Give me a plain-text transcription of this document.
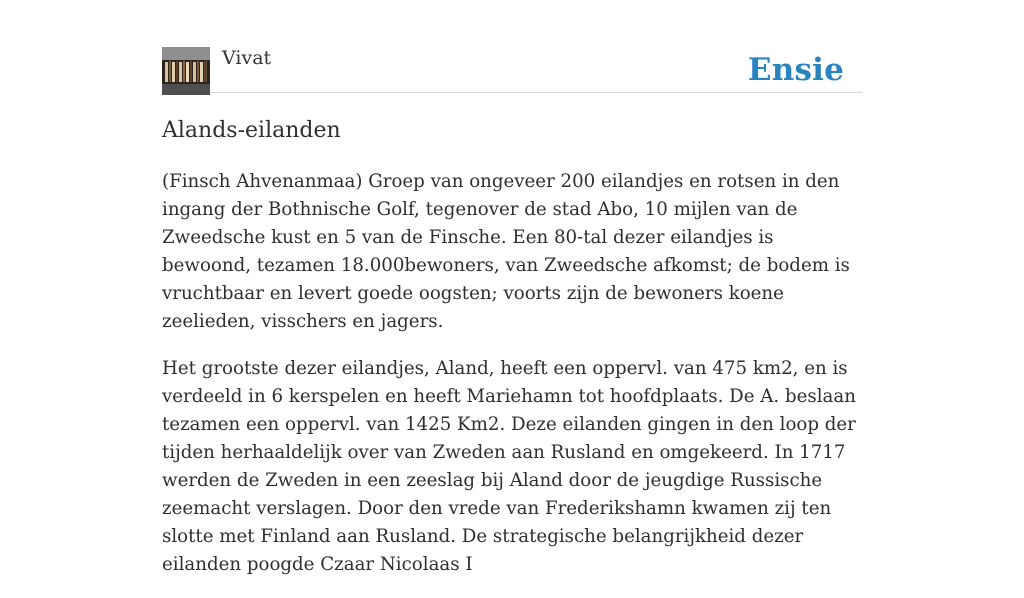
Vivat	Ensie
Alands-eilanden

(Finsch Ahvenanmaa) Groep van ongeveer 200 eilandjes en rotsen in den ingang der Bothnische Golf, tegenover de stad Abo, 10 mijlen van de Zweedsche kust en 5 van de Finsche. Een 80-tal dezer eilandjes is bewoond, tezamen 18.000bewoners, van Zweedsche afkomst; de bodem is vruchtbaar en levert goede oogsten; voorts zijn de bewoners koene zeelieden, visschers en jagers.

Het grootste dezer eilandjes, Aland, heeft een oppervl. van 475 km2, en is verdeeld in 6 kerspelen en heeft Mariehamn tot hoofdplaats. De A. beslaan tezamen een oppervl. van 1425 Km2. Deze eilanden gingen in den loop der tijden herhaaldelijk over van Zweden aan Rusland en omgekeerd. In 1717 werden de Zweden in een zeeslag bij Aland door de jeugdige Russische zeemacht verslagen. Door den vrede van Frederikshamn kwamen zij ten slotte met Finland aan Rusland. De strategische belangrijkheid dezer eilanden poogde Czaar Nicolaas I
